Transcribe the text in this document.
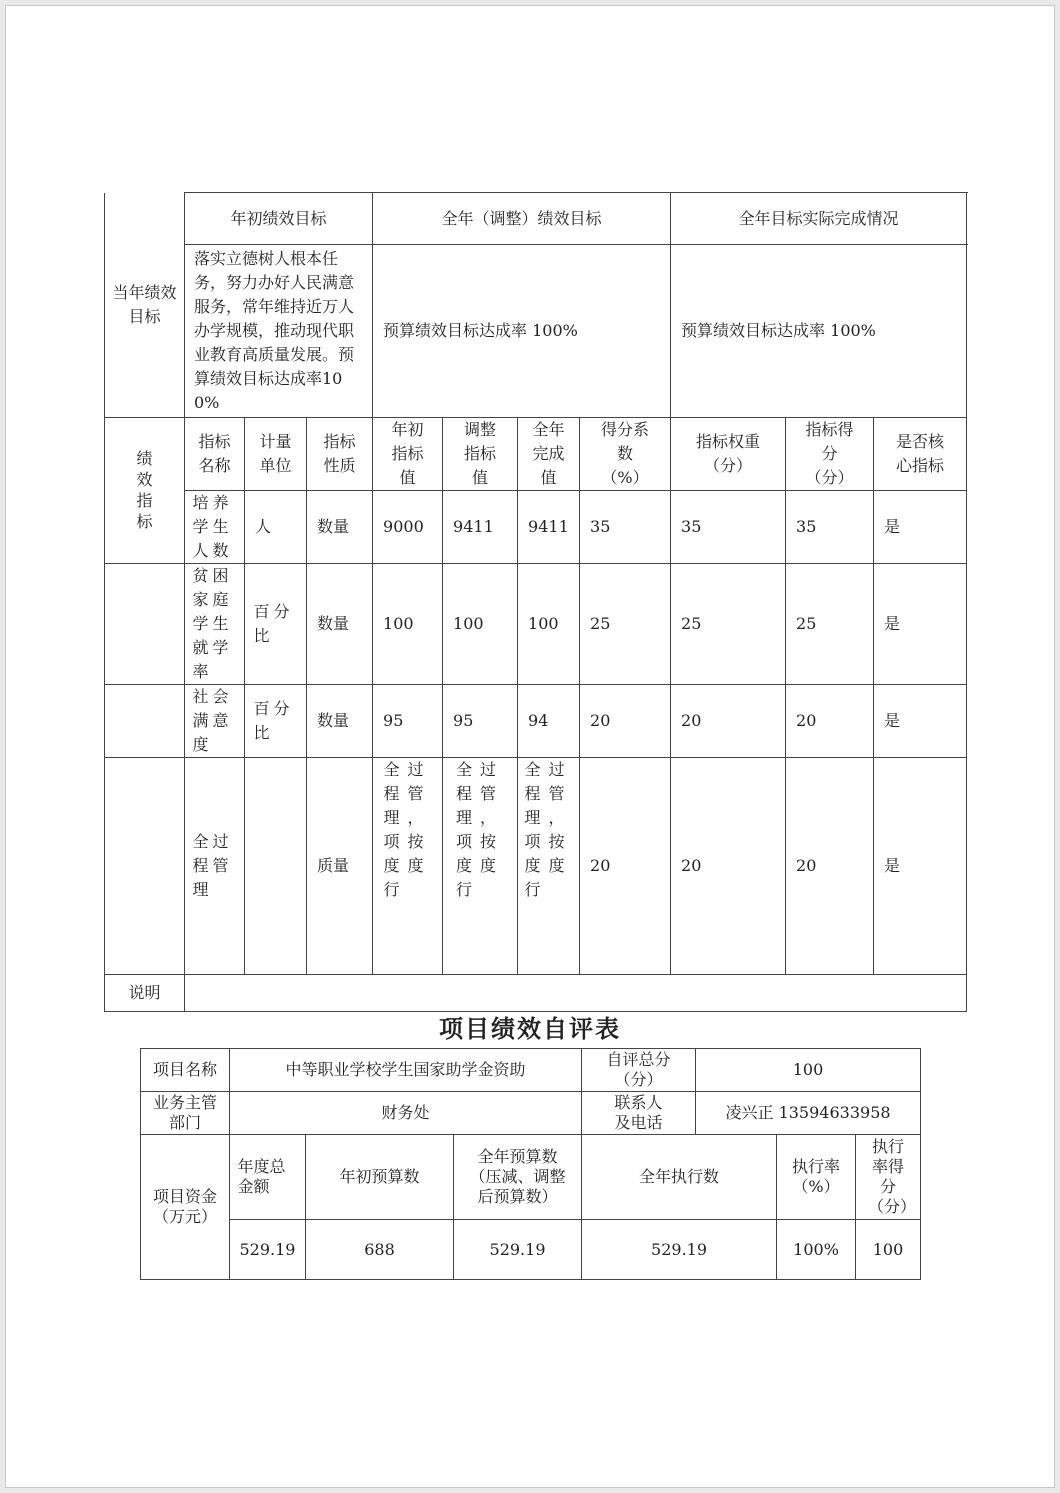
当年绩效目标	年初绩效目标			全年（调整）绩效目标				全年目标实际完成情况		
	落实立德树人根本任务，努力办好人民满意服务，常年维持近万人办学规模，推动现代职业教育高质量发展。预算绩效目标达成率100%			预算绩效目标达成率 100%				预算绩效目标达成率 100%		
绩效指标	指标名称	计量单位	指标性质	年初指标值	调整指标值	全年完成值	得分系数（%）	指标权重（分）	指标得分（分）	是否核心指标
	培养学生人数	人	数量	9000	9411	9411	35	35	35	是
	贫困家庭学生就学率	百分比	数量	100	100	100	25	25	25	是
	社会满意度	百分比	数量	95	95	94	20	20	20	是
	全过程管理		质量	全过程管理，项按度度行	全过程管理，项按度度行	全过程管理，项按度度行	20	20	20	是
说明										
项目绩效自评表
项目名称	中等职业学校学生国家助学金资助			自评总分（分）	100		
业务主管部门	财务处			联系人及电话	凌兴正 13594633958		
项目资金（万元）	年度总金额	年初预算数	全年预算数（压减、调整后预算数）	全年执行数		执行率（%）	执行率得分（分）
	529.19	688	529.19	529.19		100%	100
